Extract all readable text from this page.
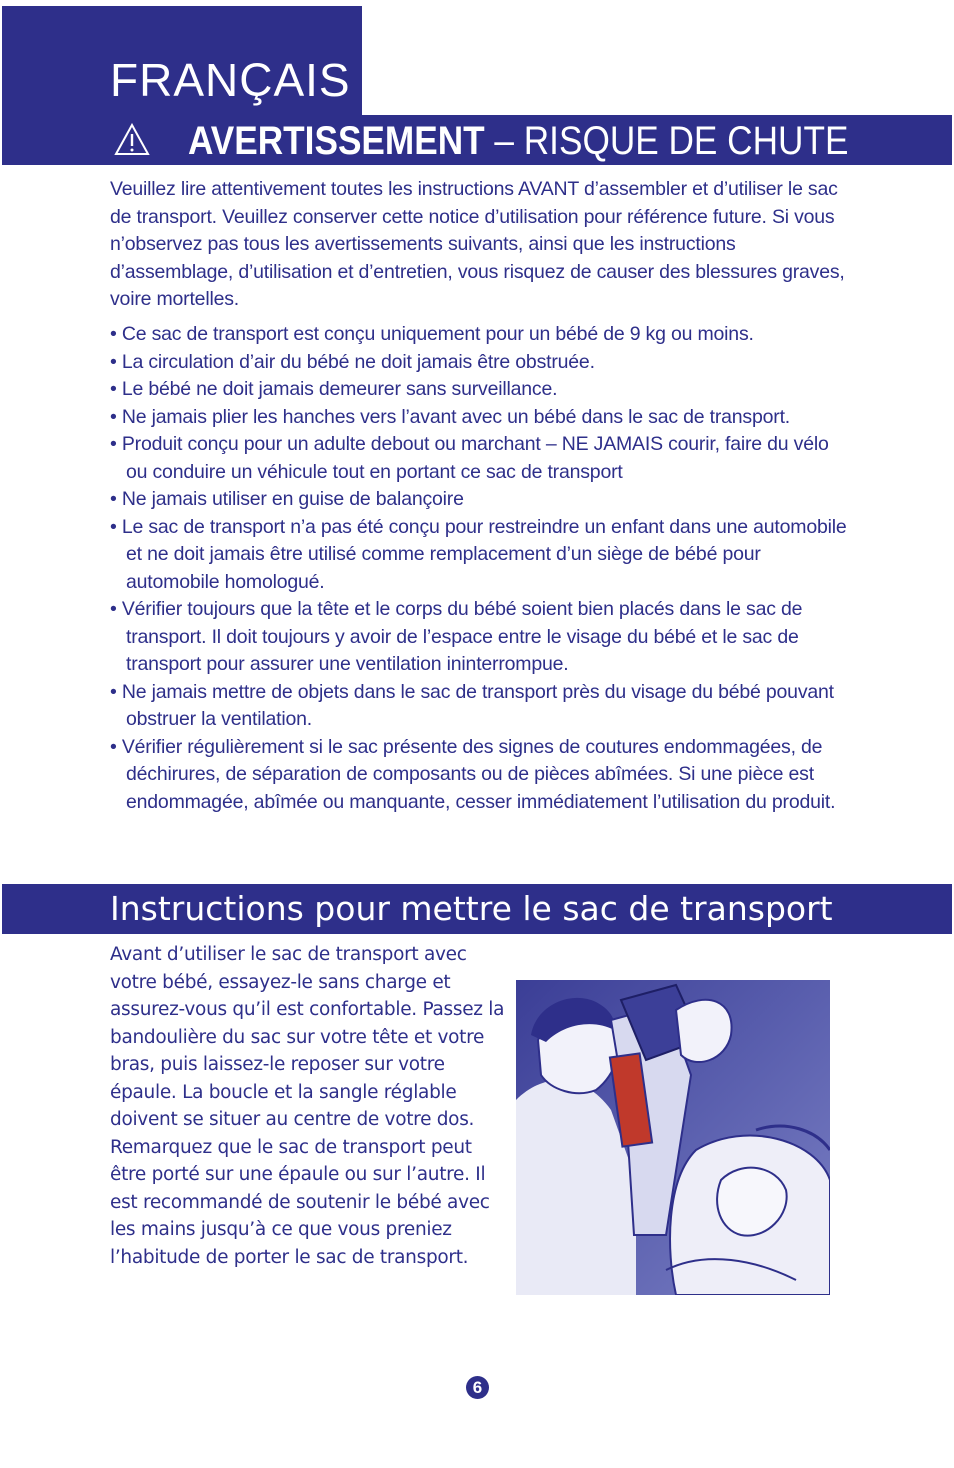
FRANÇAIS
AVERTISSEMENT – RISQUE DE CHUTE

Veuillez lire attentivement toutes les instructions AVANT d’assembler et d’utiliser le sac de transport. Veuillez conserver cette notice d’utilisation pour référence future. Si vous n’observez pas tous les avertissements suivants, ainsi que les instructions d’assemblage, d’utilisation et d’entretien, vous risquez de causer des blessures graves, voire mortelles.

• Ce sac de transport est conçu uniquement pour un bébé de 9 kg ou moins.
• La circulation d’air du bébé ne doit jamais être obstruée.
• Le bébé ne doit jamais demeurer sans surveillance.
• Ne jamais plier les hanches vers l’avant avec un bébé dans le sac de transport.
• Produit conçu pour un adulte debout ou marchant – NE JAMAIS courir, faire du vélo ou conduire un véhicule tout en portant ce sac de transport
• Ne jamais utiliser en guise de balançoire
• Le sac de transport n’a pas été conçu pour restreindre un enfant dans une automobile et ne doit jamais être utilisé comme remplacement d’un siège de bébé pour automobile homologué.
• Vérifier toujours que la tête et le corps du bébé soient bien placés dans le sac de transport. Il doit toujours y avoir de l’espace entre le visage du bébé et le sac de transport pour assurer une ventilation ininterrompue.
• Ne jamais mettre de objets dans le sac de transport près du visage du bébé pouvant obstruer la ventilation.
• Vérifier régulièrement si le sac présente des signes de coutures endommagées, de déchirures, de séparation de composants ou de pièces abîmées. Si une pièce est endommagée, abîmée ou manquante, cesser immédiatement l’utilisation du produit.
Instructions pour mettre le sac de transport

Avant d’utiliser le sac de transport avec votre bébé, essayez-le sans charge et assurez-vous qu’il est confortable. Passez la bandoulière du sac sur votre tête et votre bras, puis laissez-le reposer sur votre épaule. La boucle et la sangle réglable doivent se situer au centre de votre dos. Remarquez que le sac de transport peut être porté sur une épaule ou sur l’autre. Il est recommandé de soutenir le bébé avec les mains jusqu’à ce que vous preniez l’habitude de porter le sac de transport.

6
